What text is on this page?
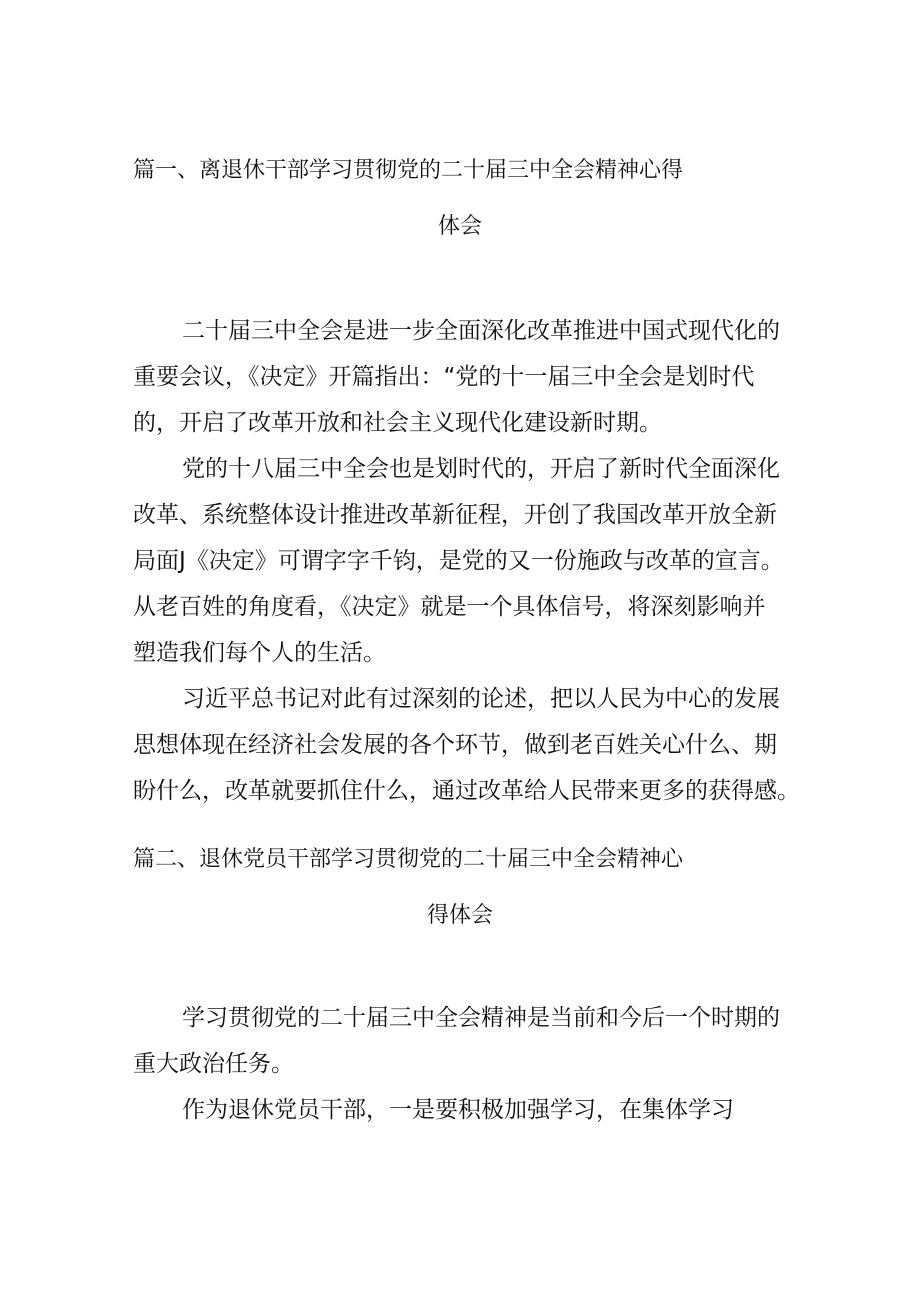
篇一、离退休干部学习贯彻党的二十届三中全会精神心得
体会
二十届三中全会是进一步全面深化改革推进中国式现代化的
重要会议，《决定》开篇指出：“党的十一届三中全会是划时代
的，开启了改革开放和社会主义现代化建设新时期。
党的十八届三中全会也是划时代的，开启了新时代全面深化
改革、系统整体设计推进改革新征程，开创了我国改革开放全新
局面J《决定》可谓字字千钧，是党的又一份施政与改革的宣言。
从老百姓的角度看，《决定》就是一个具体信号，将深刻影响并
塑造我们每个人的生活。
习近平总书记对此有过深刻的论述，把以人民为中心的发展
思想体现在经济社会发展的各个环节，做到老百姓关心什么、期
盼什么，改革就要抓住什么，通过改革给人民带来更多的获得感。
篇二、退休党员干部学习贯彻党的二十届三中全会精神心
得体会
学习贯彻党的二十届三中全会精神是当前和今后一个时期的
重大政治任务。
作为退休党员干部，一是要积极加强学习，在集体学习
